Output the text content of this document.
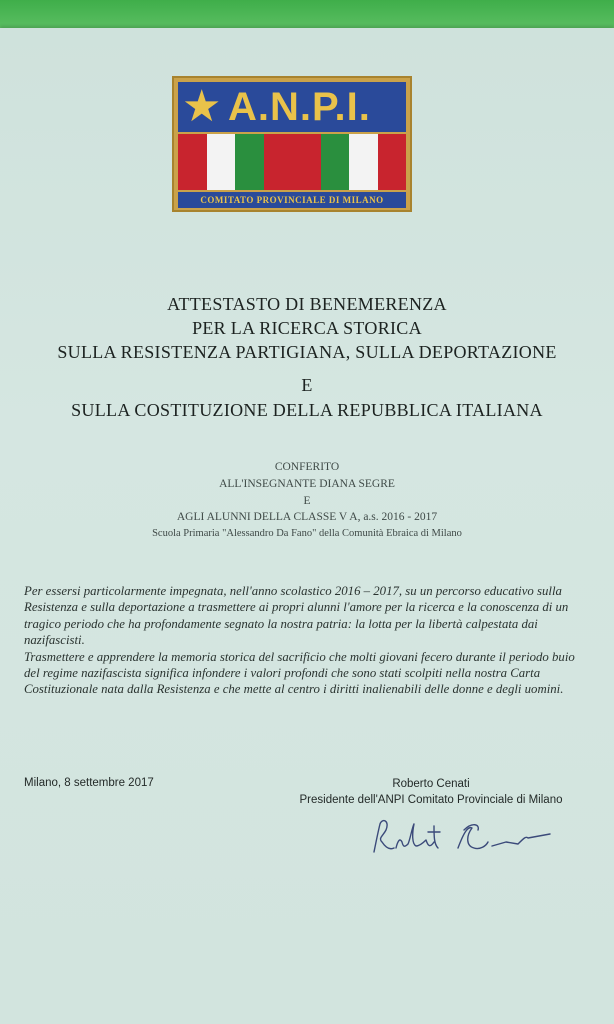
★ A.N.P.I.
COMITATO PROVINCIALE DI MILANO
ATTESTASTO DI BENEMERENZA
PER LA RICERCA STORICA
SULLA RESISTENZA PARTIGIANA, SULLA DEPORTAZIONE
E
SULLA COSTITUZIONE DELLA REPUBBLICA ITALIANA

CONFERITO

ALL'INSEGNANTE DIANA SEGRE

E

AGLI ALUNNI DELLA CLASSE V A, a.s. 2016 - 2017

Scuola Primaria "Alessandro Da Fano" della Comunità Ebraica di Milano

Per essersi particolarmente impegnata, nell'anno scolastico 2016 – 2017, su un percorso educativo sulla Resistenza e sulla deportazione a trasmettere ai propri alunni l'amore per la ricerca e la conoscenza di un tragico periodo che ha profondamente segnato la nostra patria: la lotta per la libertà calpestata dai nazifascisti.

Trasmettere e apprendere la memoria storica del sacrificio che molti giovani fecero durante il periodo buio del regime nazifascista significa infondere i valori profondi che sono stati scolpiti nella nostra Carta Costituzionale nata dalla Resistenza e che mette al centro i diritti inalienabili delle donne e degli uomini.

Milano, 8 settembre 2017	Roberto Cenati
Presidente dell'ANPI Comitato Provinciale di Milano
